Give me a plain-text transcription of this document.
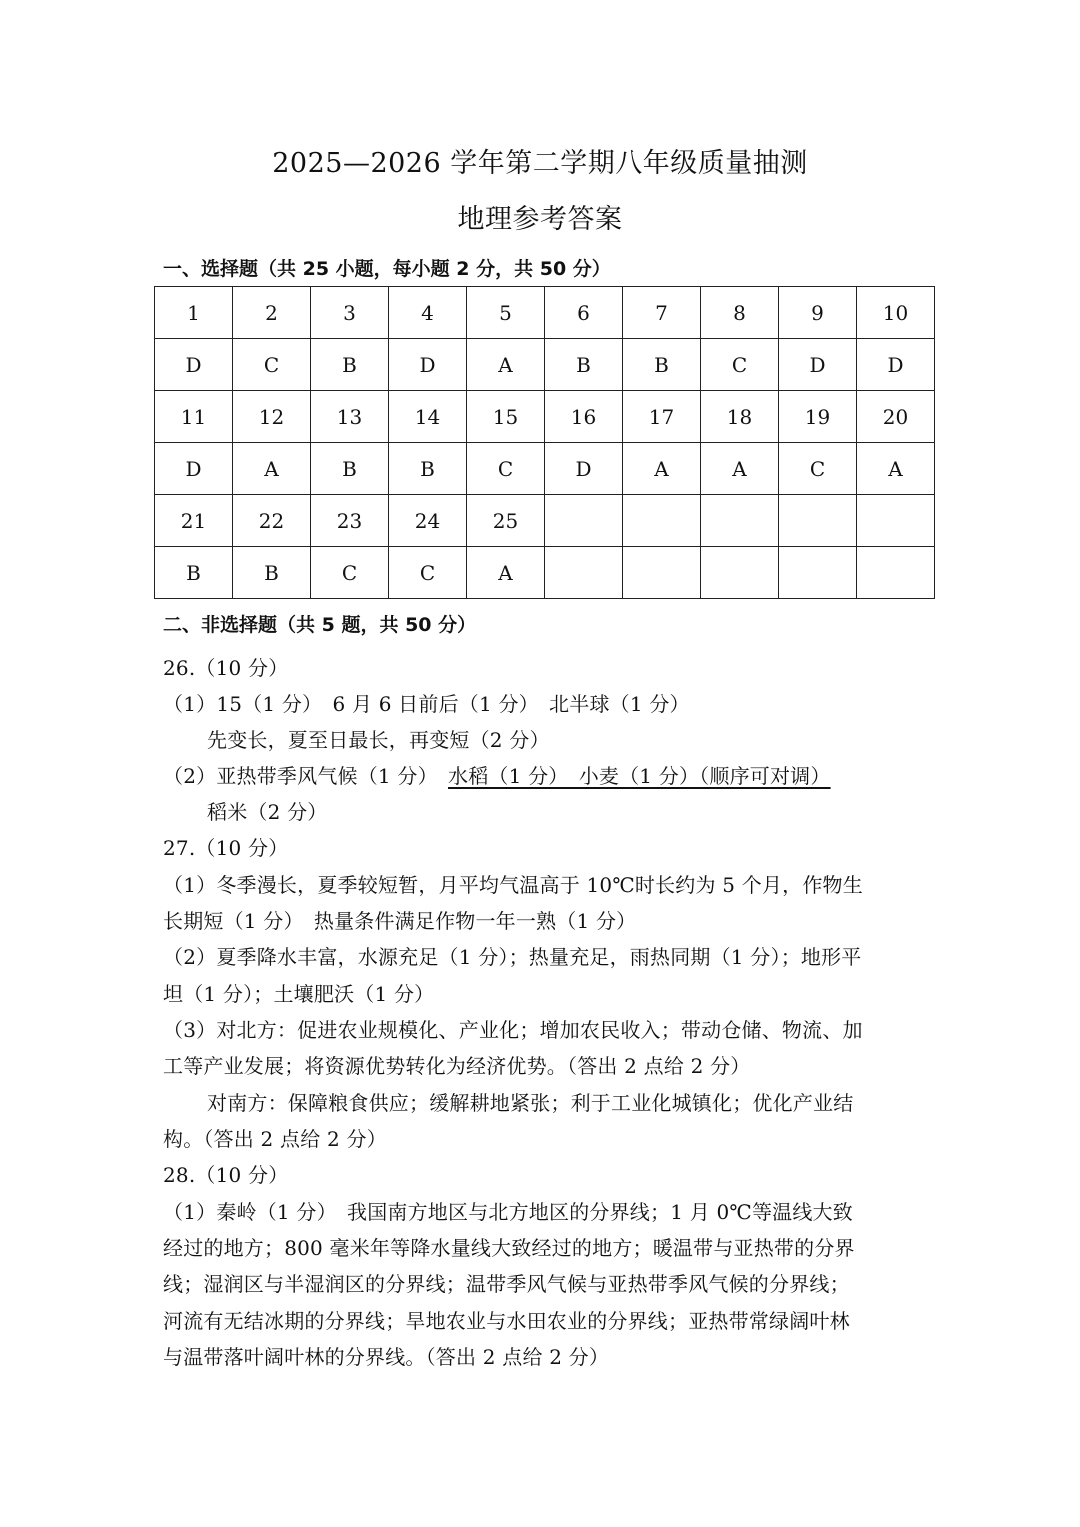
2025—2026 学年第二学期八年级质量抽测
地理参考答案
一、选择题（共 25 小题，每小题 2 分，共 50 分）
1	2	3	4	5	6	7	8	9	10
D	C	B	D	A	B	B	C	D	D
11	12	13	14	15	16	17	18	19	20
D	A	B	B	C	D	A	A	C	A
21	22	23	24	25					
B	B	C	C	A					
二、非选择题（共 5 题，共 50 分）
26.（10 分）
（1）15（1 分）　6 月 6 日前后（1 分）　北半球（1 分）
先变长，夏至日最长，再变短（2 分）
（2）亚热带季风气候（1 分）　水稻（1 分）　小麦（1 分）（顺序可对调）
稻米（2 分）
27.（10 分）
（1）冬季漫长，夏季较短暂，月平均气温高于 10℃时长约为 5 个月，作物生
长期短（1 分）　热量条件满足作物一年一熟（1 分）
（2）夏季降水丰富，水源充足（1 分）；热量充足，雨热同期（1 分）；地形平
坦（1 分）；土壤肥沃（1 分）
（3）对北方：促进农业规模化、产业化；增加农民收入；带动仓储、物流、加
工等产业发展；将资源优势转化为经济优势。（答出 2 点给 2 分）
对南方：保障粮食供应；缓解耕地紧张；利于工业化城镇化；优化产业结
构。（答出 2 点给 2 分）
28.（10 分）
（1）秦岭（1 分）　我国南方地区与北方地区的分界线；1 月 0℃等温线大致
经过的地方；800 毫米年等降水量线大致经过的地方；暖温带与亚热带的分界
线；湿润区与半湿润区的分界线；温带季风气候与亚热带季风气候的分界线；
河流有无结冰期的分界线；旱地农业与水田农业的分界线；亚热带常绿阔叶林
与温带落叶阔叶林的分界线。（答出 2 点给 2 分）
